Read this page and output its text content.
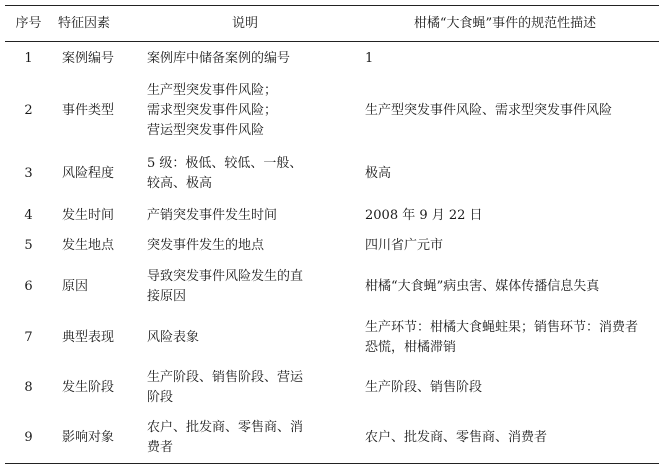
序号	特征因素	说明	柑橘“大食蝇”事件的规范性描述
1	案例编号	案例库中储备案例的编号	1

2	事件类型	生产型突发事件风险；
需求型突发事件风险；
营运型突发事件风险	生产型突发事件风险、需求型突发事件风险

3	风险程度	5 级：极低、较低、一般、
较高、极高	极高

4	发生时间	产销突发事件发生时间	2008 年 9 月 22 日

5	发生地点	突发事件发生的地点	四川省广元市

6	原因	导致突发事件风险发生的直
接原因	柑橘“大食蝇”病虫害、媒体传播信息失真

7	典型表现	风险表象	生产环节：柑橘大食蝇蛀果；销售环节：消费者恐慌，柑橘滞销

8	发生阶段	生产阶段、销售阶段、营运
阶段	生产阶段、销售阶段

9	影响对象	农户、批发商、零售商、消
费者	农户、批发商、零售商、消费者
